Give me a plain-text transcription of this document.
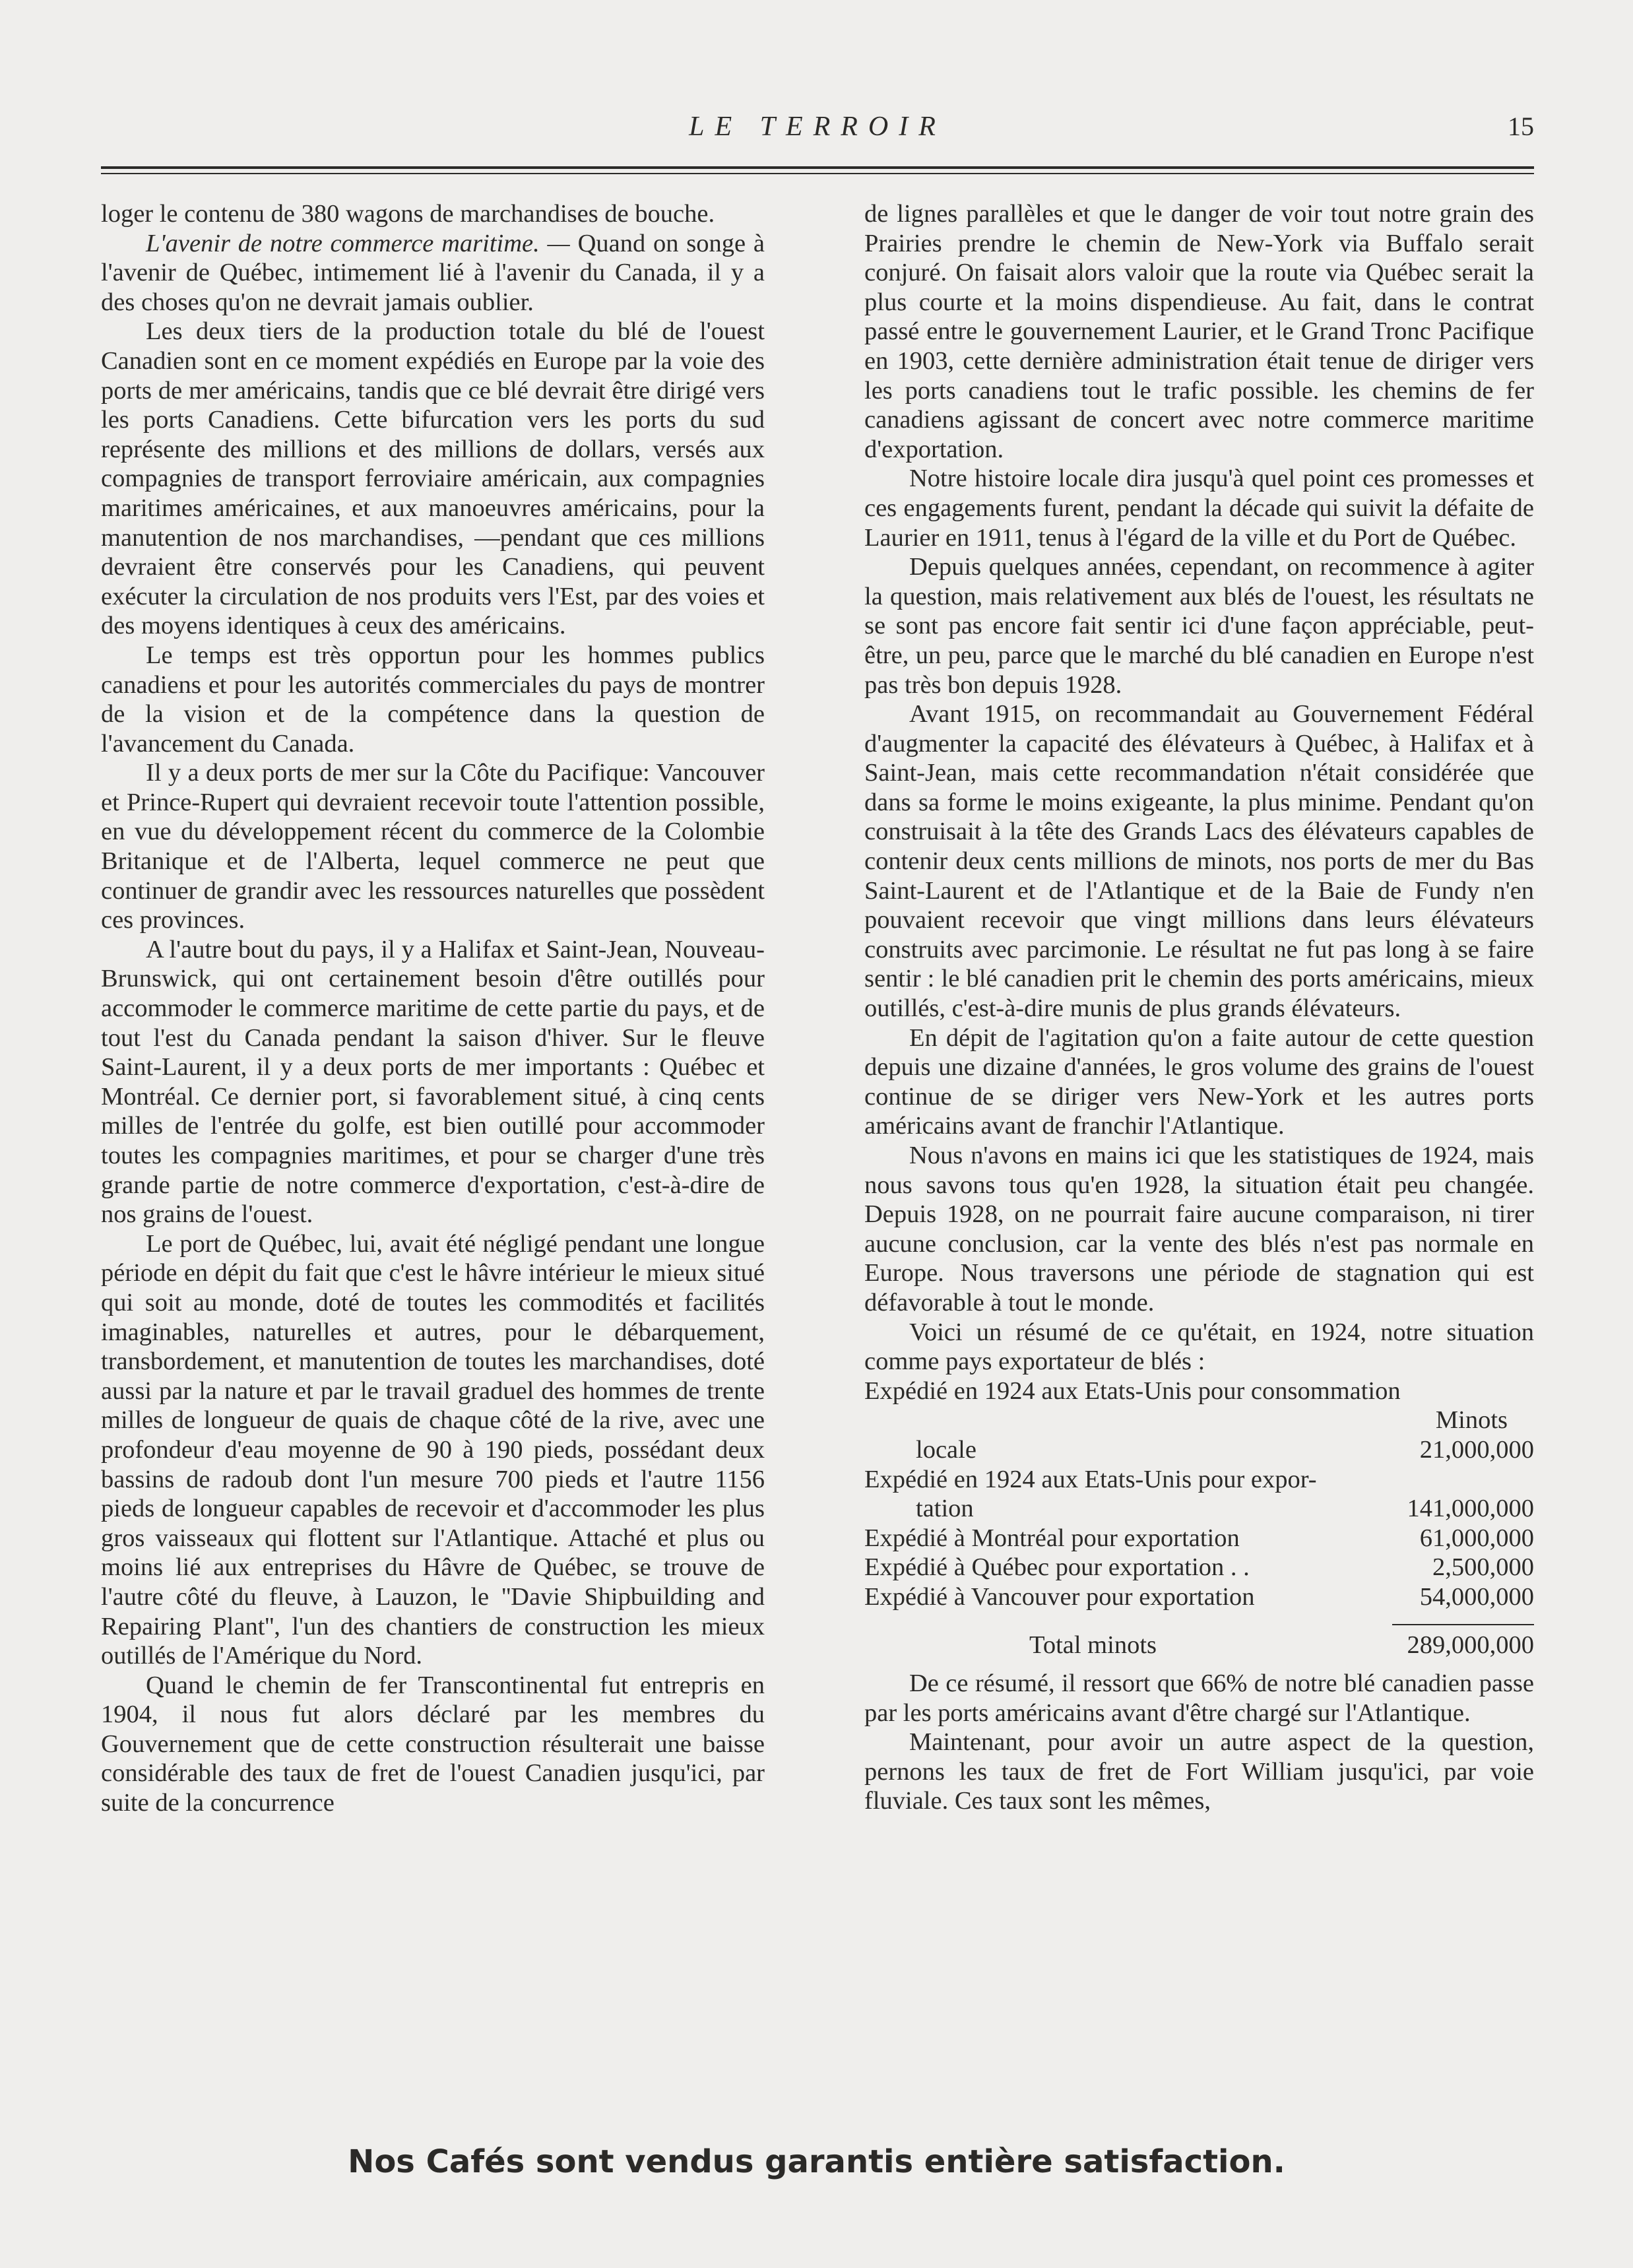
LE TERROIR	15

loger le contenu de 380 wagons de marchandises de bouche.

L'avenir de notre commerce maritime. — Quand on songe à l'avenir de Québec, intimement lié à l'avenir du Canada, il y a des choses qu'on ne devrait jamais oublier.

Les deux tiers de la production totale du blé de l'ouest Canadien sont en ce moment expédiés en Europe par la voie des ports de mer américains, tandis que ce blé devrait être dirigé vers les ports Canadiens. Cette bifurcation vers les ports du sud représente des millions et des millions de dollars, versés aux compagnies de transport ferroviaire américain, aux compagnies maritimes américaines, et aux manoeuvres américains, pour la manutention de nos marchandises, —pendant que ces millions devraient être conservés pour les Canadiens, qui peuvent exécuter la circulation de nos produits vers l'Est, par des voies et des moyens identiques à ceux des américains.

Le temps est très opportun pour les hommes publics canadiens et pour les autorités commerciales du pays de montrer de la vision et de la compétence dans la question de l'avancement du Canada.

Il y a deux ports de mer sur la Côte du Pacifique: Vancouver et Prince-Rupert qui devraient recevoir toute l'attention possible, en vue du développement récent du commerce de la Colombie Britanique et de l'Alberta, lequel commerce ne peut que continuer de grandir avec les ressources naturelles que possèdent ces provinces.

A l'autre bout du pays, il y a Halifax et Saint-Jean, Nouveau-Brunswick, qui ont certainement besoin d'être outillés pour accommoder le commerce maritime de cette partie du pays, et de tout l'est du Canada pendant la saison d'hiver. Sur le fleuve Saint-Laurent, il y a deux ports de mer importants : Québec et Montréal. Ce dernier port, si favorablement situé, à cinq cents milles de l'entrée du golfe, est bien outillé pour accommoder toutes les compagnies maritimes, et pour se charger d'une très grande partie de notre commerce d'exportation, c'est-à-dire de nos grains de l'ouest.

Le port de Québec, lui, avait été négligé pendant une longue période en dépit du fait que c'est le hâvre intérieur le mieux situé qui soit au monde, doté de toutes les commodités et facilités imaginables, naturelles et autres, pour le débarquement, transbordement, et manutention de toutes les marchandises, doté aussi par la nature et par le travail graduel des hommes de trente milles de longueur de quais de chaque côté de la rive, avec une profondeur d'eau moyenne de 90 à 190 pieds, possédant deux bassins de radoub dont l'un mesure 700 pieds et l'autre 1156 pieds de longueur capables de recevoir et d'accommoder les plus gros vaisseaux qui flottent sur l'Atlantique. Attaché et plus ou moins lié aux entreprises du Hâvre de Québec, se trouve de l'autre côté du fleuve, à Lauzon, le ''Davie Shipbuilding and Repairing Plant'', l'un des chantiers de construction les mieux outillés de l'Amérique du Nord.

Quand le chemin de fer Transcontinental fut entrepris en 1904, il nous fut alors déclaré par les membres du Gouvernement que de cette construction résulterait une baisse considérable des taux de fret de l'ouest Canadien jusqu'ici, par suite de la concurrence

de lignes parallèles et que le danger de voir tout notre grain des Prairies prendre le chemin de New-York via Buffalo serait conjuré. On faisait alors valoir que la route via Québec serait la plus courte et la moins dispendieuse. Au fait, dans le contrat passé entre le gouvernement Laurier, et le Grand Tronc Pacifique en 1903, cette dernière administration était tenue de diriger vers les ports canadiens tout le trafic possible. les chemins de fer canadiens agissant de concert avec notre commerce maritime d'exportation.

Notre histoire locale dira jusqu'à quel point ces promesses et ces engagements furent, pendant la décade qui suivit la défaite de Laurier en 1911, tenus à l'égard de la ville et du Port de Québec.

Depuis quelques années, cependant, on recommence à agiter la question, mais relativement aux blés de l'ouest, les résultats ne se sont pas encore fait sentir ici d'une façon appréciable, peut-être, un peu, parce que le marché du blé canadien en Europe n'est pas très bon depuis 1928.

Avant 1915, on recommandait au Gouvernement Fédéral d'augmenter la capacité des élévateurs à Québec, à Halifax et à Saint-Jean, mais cette recommandation n'était considérée que dans sa forme le moins exigeante, la plus minime. Pendant qu'on construisait à la tête des Grands Lacs des élévateurs capables de contenir deux cents millions de minots, nos ports de mer du Bas Saint-Laurent et de l'Atlantique et de la Baie de Fundy n'en pouvaient recevoir que vingt millions dans leurs élévateurs construits avec parcimonie. Le résultat ne fut pas long à se faire sentir : le blé canadien prit le chemin des ports américains, mieux outillés, c'est-à-dire munis de plus grands élévateurs.

En dépit de l'agitation qu'on a faite autour de cette question depuis une dizaine d'années, le gros volume des grains de l'ouest continue de se diriger vers New-York et les autres ports américains avant de franchir l'Atlantique.

Nous n'avons en mains ici que les statistiques de 1924, mais nous savons tous qu'en 1928, la situation était peu changée. Depuis 1928, on ne pourrait faire aucune comparaison, ni tirer aucune conclusion, car la vente des blés n'est pas normale en Europe. Nous traversons une période de stagnation qui est défavorable à tout le monde.

Voici un résumé de ce qu'était, en 1924, notre situation comme pays exportateur de blés :

Expédié en 1924 aux Etats-Unis pour consommation
Minots
locale	21,000,000
Expédié en 1924 aux Etats-Unis pour expor-
tation	141,000,000
Expédié à Montréal pour exportation	61,000,000
Expédié à Québec pour exportation . .	2,500,000
Expédié à Vancouver pour exportation	54,000,000
Total minots	289,000,000

De ce résumé, il ressort que 66% de notre blé canadien passe par les ports américains avant d'être chargé sur l'Atlantique.

Maintenant, pour avoir un autre aspect de la question, pernons les taux de fret de Fort William jusqu'ici, par voie fluviale. Ces taux sont les mêmes,

Nos Cafés sont vendus garantis entière satisfaction.
